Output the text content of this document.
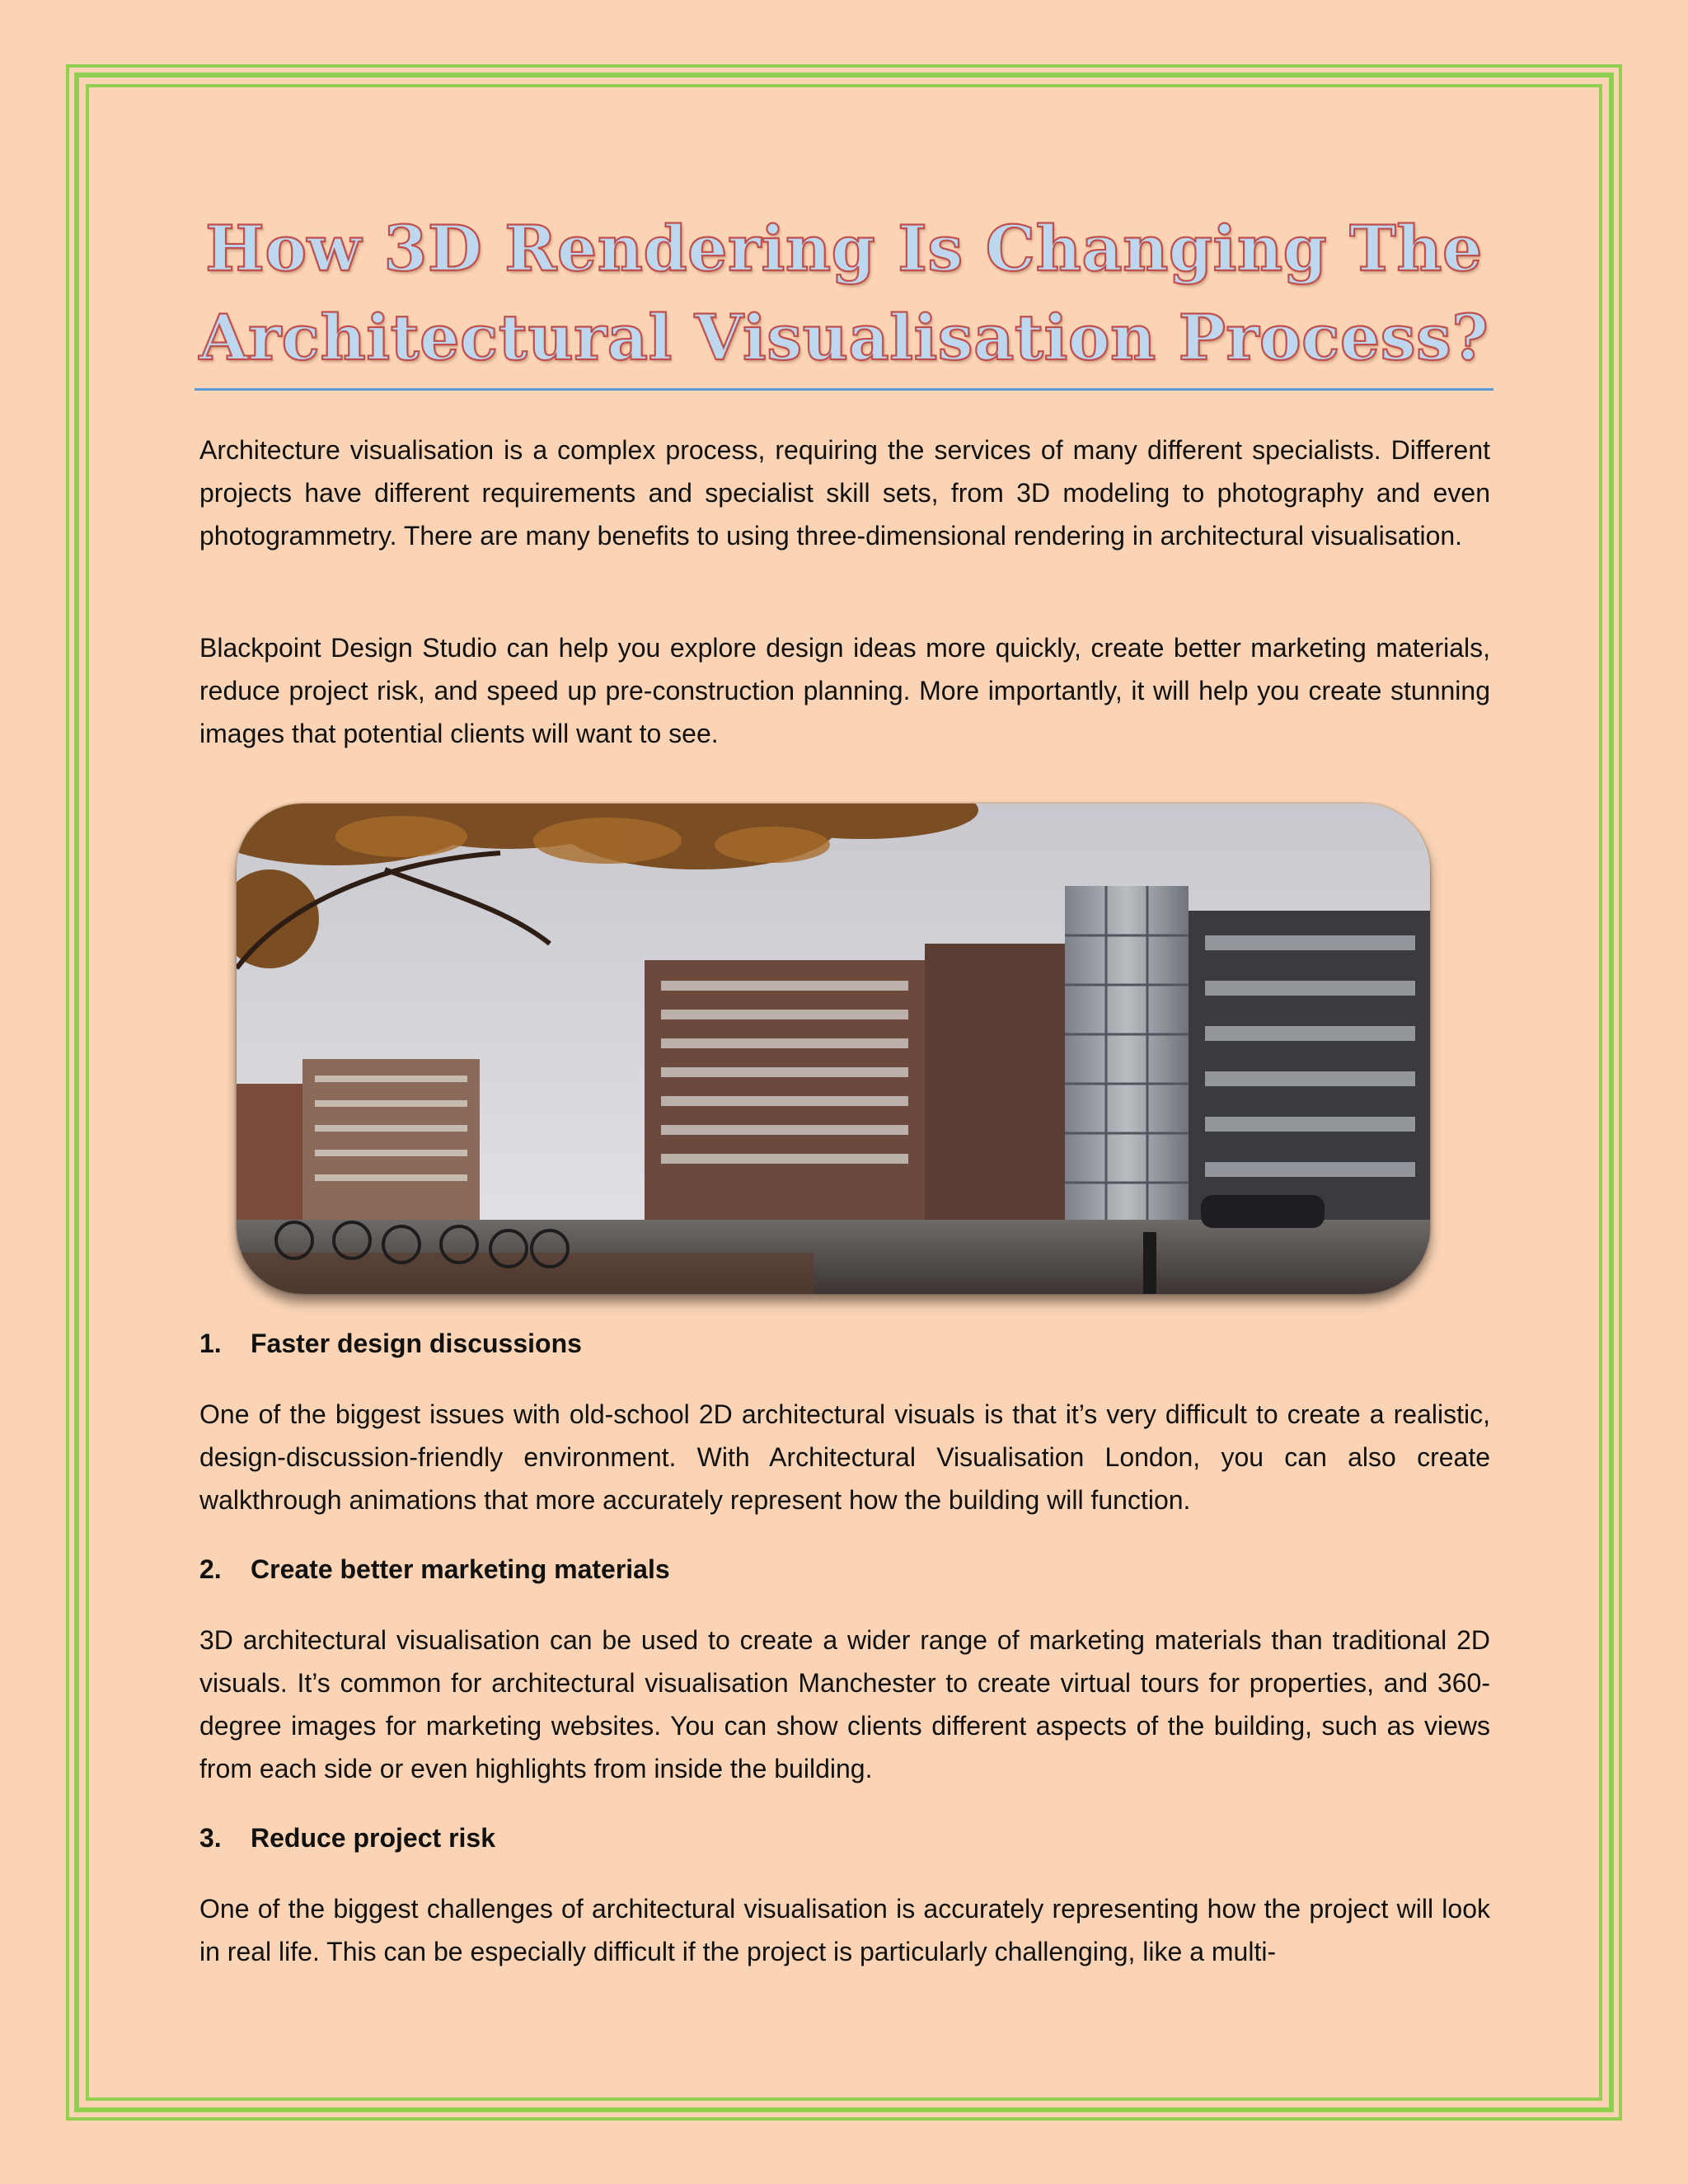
How 3D Rendering Is Changing The
Architectural Visualisation Process?

Architecture visualisation is a complex process, requiring the services of many different specialists. Different projects have different requirements and specialist skill sets, from 3D modeling to photography and even photogrammetry. There are many benefits to using three-dimensional rendering in architectural visualisation.

Blackpoint Design Studio can help you explore design ideas more quickly, create better marketing materials, reduce project risk, and speed up pre-construction planning. More importantly, it will help you create stunning images that potential clients will want to see.

1. Faster design discussions

One of the biggest issues with old-school 2D architectural visuals is that it’s very difficult to create a realistic, design-discussion-friendly environment. With Architectural Visualisation London, you can also create walkthrough animations that more accurately represent how the building will function.

2. Create better marketing materials

3D architectural visualisation can be used to create a wider range of marketing materials than traditional 2D visuals. It’s common for architectural visualisation Manchester to create virtual tours for properties, and 360-degree images for marketing websites. You can show clients different aspects of the building, such as views from each side or even highlights from inside the building.

3. Reduce project risk

One of the biggest challenges of architectural visualisation is accurately representing how the project will look in real life. This can be especially difficult if the project is particularly challenging, like a multi-
